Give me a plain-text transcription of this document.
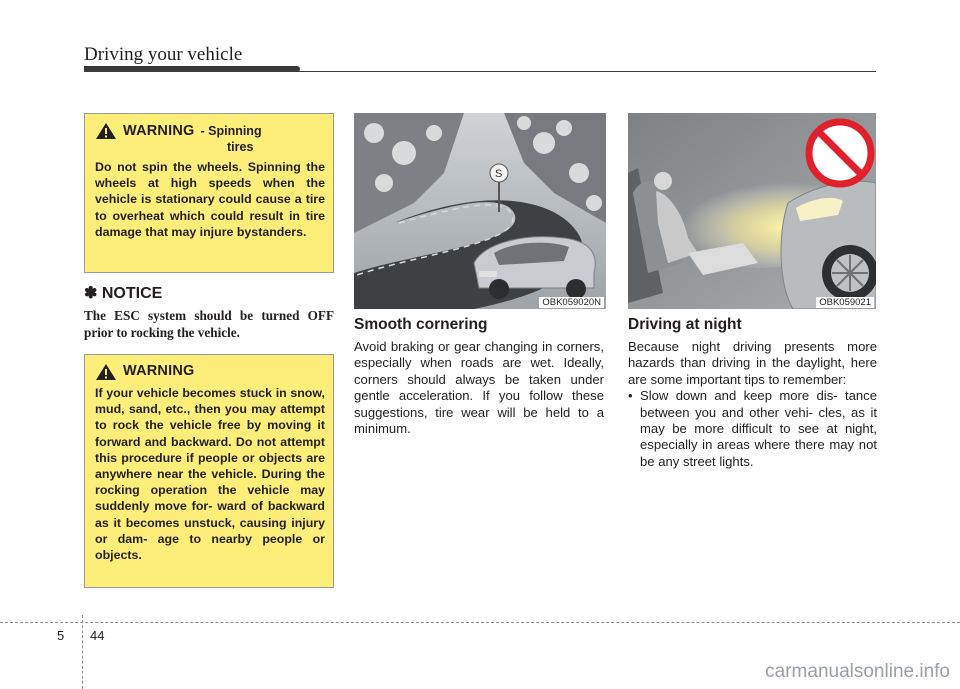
Driving your vehicle
WARNING - Spinning
tires
Do not spin the wheels. Spinning the wheels at high speeds when the vehicle is stationary could cause a tire to overheat which could result in tire damage that may injure bystanders.
✽ NOTICE
The ESC system should be turned OFF prior to rocking the vehicle.
WARNING
If your vehicle becomes stuck in snow, mud, sand, etc., then you may attempt to rock the vehicle free by moving it forward and backward. Do not attempt this procedure if people or objects are anywhere near the vehicle. During the rocking operation the vehicle may suddenly move for- ward of backward as it becomes unstuck, causing injury or dam- age to nearby people or objects.
S
OBK059020N	OBK059021
Smooth cornering
Avoid braking or gear changing in corners, especially when roads are wet. Ideally, corners should always be taken under gentle acceleration. If you follow these suggestions, tire wear will be held to a minimum.
Driving at night
Because night driving presents more hazards than driving in the daylight, here are some important tips to remember:
• Slow down and keep more dis- tance between you and other vehi- cles, as it may be more difficult to see at night, especially in areas where there may not be any street lights.
5 44
carmanualsonline.info
